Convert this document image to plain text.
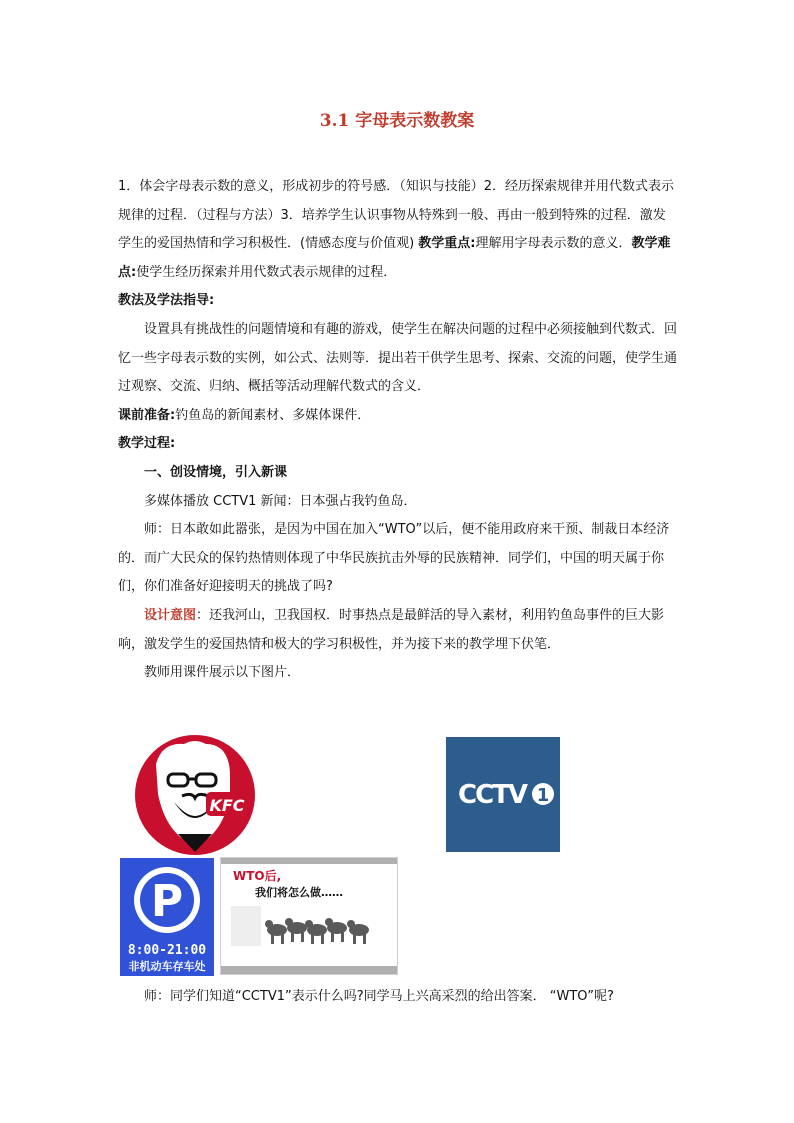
3.1 字母表示数教案

1．体会字母表示数的意义，形成初步的符号感．（知识与技能）2．经历探索规律并用代数式表示规律的过程．（过程与方法）3．培养学生认识事物从特殊到一般、再由一般到特殊的过程．激发学生的爱国热情和学习积极性．(情感态度与价值观) 教学重点:理解用字母表示数的意义．教学难点:使学生经历探索并用代数式表示规律的过程．

教法及学法指导:

设置具有挑战性的问题情境和有趣的游戏，使学生在解决问题的过程中必须接触到代数式．回忆一些字母表示数的实例，如公式、法则等．提出若干供学生思考、探索、交流的问题，使学生通过观察、交流、归纳、概括等活动理解代数式的含义．

课前准备:钓鱼岛的新闻素材、多媒体课件．

教学过程:

一、创设情境，引入新课

多媒体播放 CCTV1 新闻：日本强占我钓鱼岛．

师：日本敢如此嚣张，是因为中国在加入“WTO”以后，便不能用政府来干预、制裁日本经济的．而广大民众的保钓热情则体现了中华民族抗击外辱的民族精神．同学们，中国的明天属于你们，你们准备好迎接明天的挑战了吗?

设计意图：还我河山，卫我国权．时事热点是最鲜活的导入素材，利用钓鱼岛事件的巨大影响，激发学生的爱国热情和极大的学习积极性，并为接下来的教学埋下伏笔．

教师用课件展示以下图片．

KFC	CCTV 1
P
8:00-21:00
非机动车存车处
WTO后,
我们将怎么做……

师：同学们知道“CCTV1”表示什么吗?同学马上兴高采烈的给出答案． “WTO”呢?
